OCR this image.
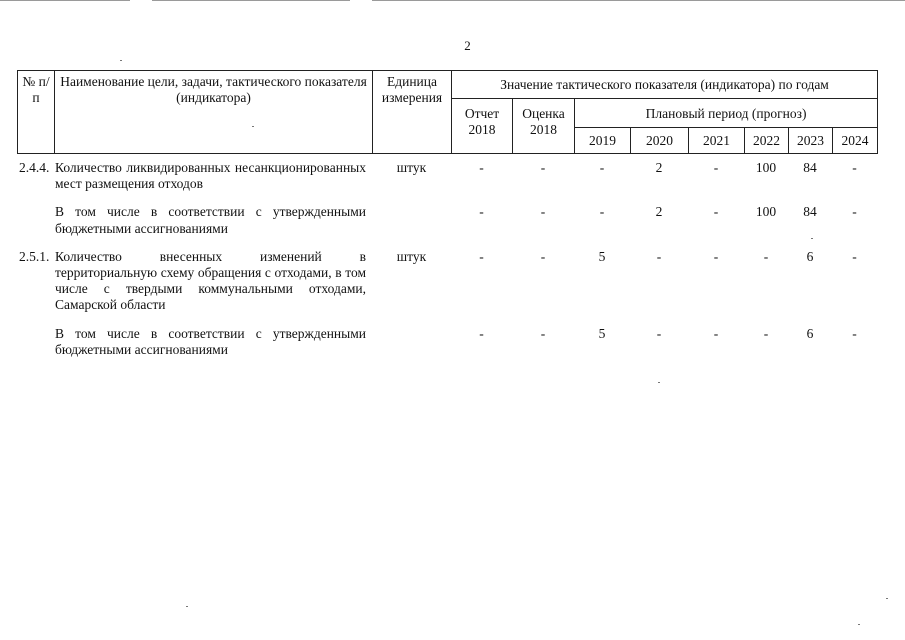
2
№ п/п	Наименование цели, задачи, тактического показателя (индикатора)	Единица измерения	Значение тактического показателя (индикатора) по годам							
			Отчет 2018	Оценка 2018	Плановый период (прогноз)					
					2019	2020	2021	2022	2023	2024
2.4.4.	Количество ликвидированных несанкционированных мест размещения отходов	штук	-	-	-	2	-	100	84	-
	В том числе в соответствии с утвержденными бюджетными ассигнованиями		-	-	-	2	-	100	84	-
2.5.1.	Количество внесенных изменений в территориальную схему обращения с отходами, в том числе с твердыми коммунальными отходами, Самарской области	штук	-	-	5	-	-	-	6	-
	В том числе в соответствии с утвержденными бюджетными ассигнованиями		-	-	5	-	-	-	6	-
